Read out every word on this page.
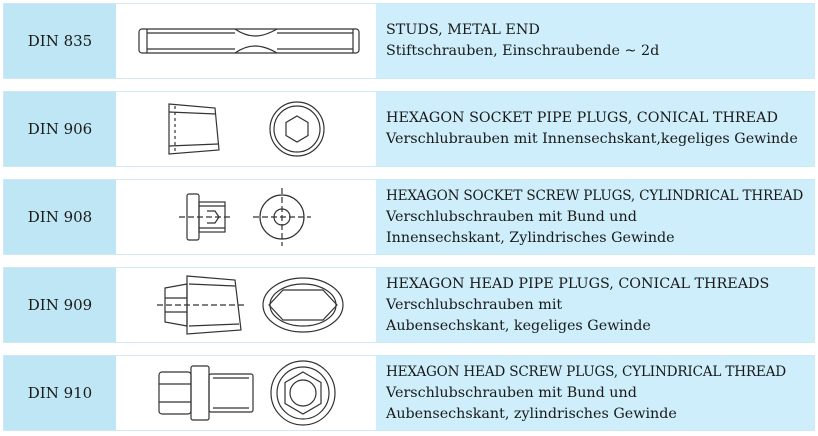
DIN 835
STUDS, METAL END
Stiftschrauben, Einschraubende ~ 2d
DIN 906
HEXAGON SOCKET PIPE PLUGS, CONICAL THREAD
Verschlubrauben mit Innensechskant,kegeliges Gewinde
DIN 908
HEXAGON SOCKET SCREW PLUGS, CYLINDRICAL THREAD
Verschlubschrauben mit Bund und
Innensechskant, Zylindrisches Gewinde
DIN 909
HEXAGON HEAD PIPE PLUGS, CONICAL THREADS
Verschlubschrauben mit
Aubensechskant, kegeliges Gewinde
DIN 910
HEXAGON HEAD SCREW PLUGS, CYLINDRICAL THREAD
Verschlubschrauben mit Bund und
Aubensechskant, zylindrisches Gewinde
